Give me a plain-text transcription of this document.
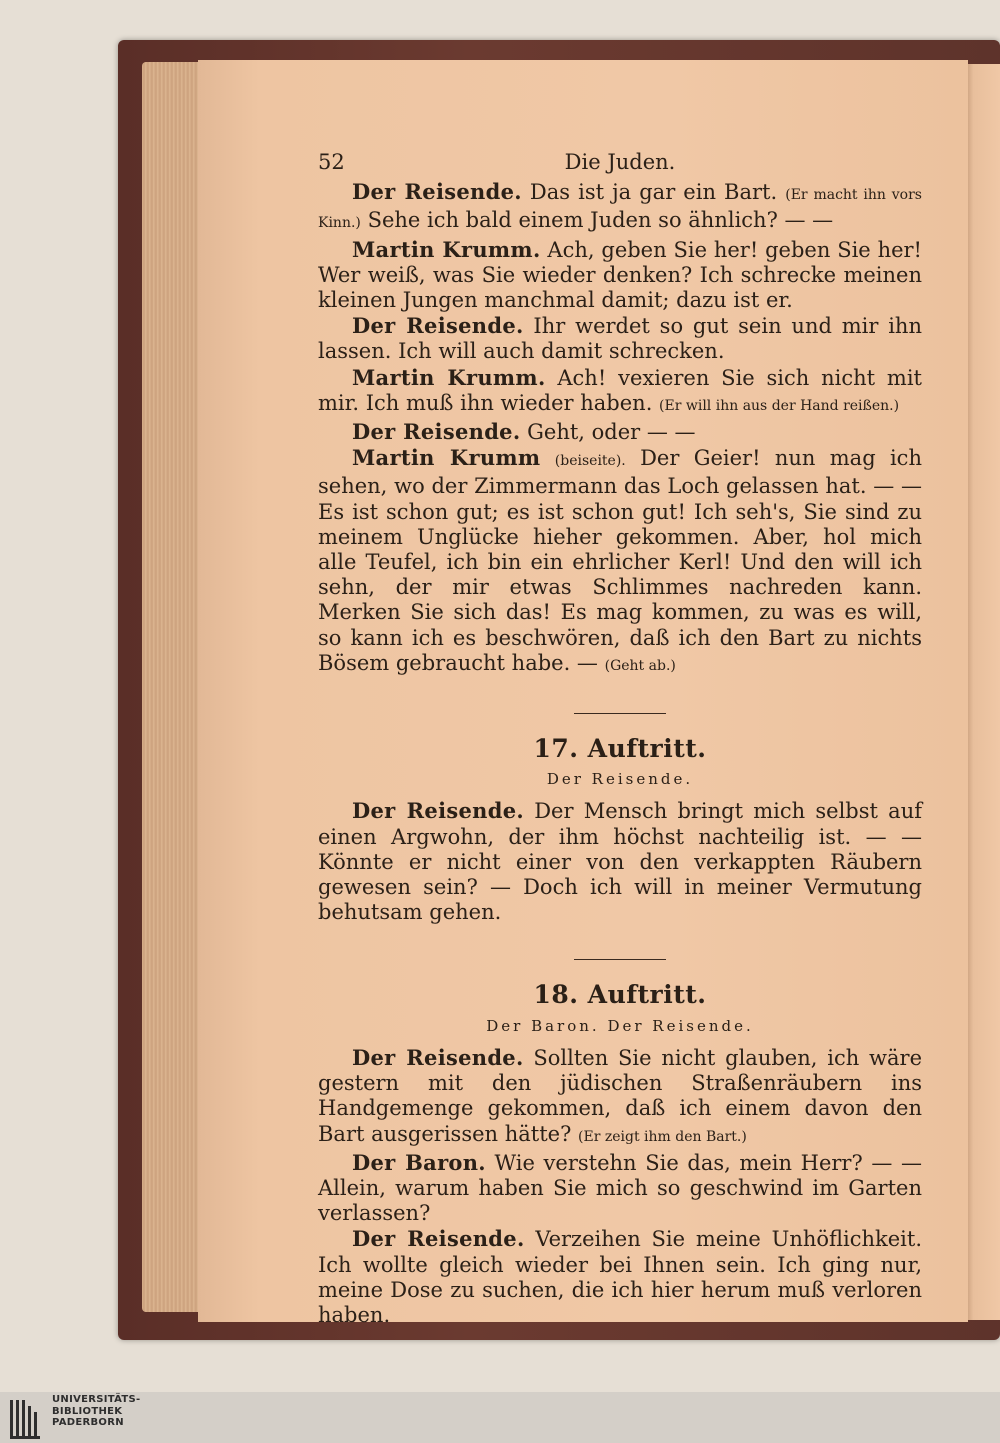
52	Die Juden.

Der Reisende. Das ist ja gar ein Bart. (Er macht ihn vors Kinn.) Sehe ich bald einem Juden so ähnlich? — —

Martin Krumm. Ach, geben Sie her! geben Sie her! Wer weiß, was Sie wieder denken? Ich schrecke meinen kleinen Jungen manchmal damit; dazu ist er.

Der Reisende. Ihr werdet so gut sein und mir ihn lassen. Ich will auch damit schrecken.

Martin Krumm. Ach! vexieren Sie sich nicht mit mir. Ich muß ihn wieder haben. (Er will ihn aus der Hand reißen.)

Der Reisende. Geht, oder — —

Martin Krumm (beiseite). Der Geier! nun mag ich sehen, wo der Zimmermann das Loch gelassen hat. — — Es ist schon gut; es ist schon gut! Ich seh's, Sie sind zu meinem Unglücke hieher gekommen. Aber, hol mich alle Teufel, ich bin ein ehrlicher Kerl! Und den will ich sehn, der mir etwas Schlimmes nachreden kann. Merken Sie sich das! Es mag kommen, zu was es will, so kann ich es beschwören, daß ich den Bart zu nichts Bösem gebraucht habe. — (Geht ab.)

17. Auftritt.
Der Reisende.

Der Reisende. Der Mensch bringt mich selbst auf einen Argwohn, der ihm höchst nachteilig ist. — — Könnte er nicht einer von den verkappten Räubern gewesen sein? — Doch ich will in meiner Vermutung behutsam gehen.

18. Auftritt.
Der Baron. Der Reisende.

Der Reisende. Sollten Sie nicht glauben, ich wäre gestern mit den jüdischen Straßenräubern ins Handgemenge gekommen, daß ich einem davon den Bart ausgerissen hätte? (Er zeigt ihm den Bart.)

Der Baron. Wie verstehn Sie das, mein Herr? — — Allein, warum haben Sie mich so geschwind im Garten verlassen?

Der Reisende. Verzeihen Sie meine Unhöflichkeit. Ich wollte gleich wieder bei Ihnen sein. Ich ging nur, meine Dose zu suchen, die ich hier herum muß verloren haben.

UNIVERSITÄTS-
BIBLIOTHEK
PADERBORN
